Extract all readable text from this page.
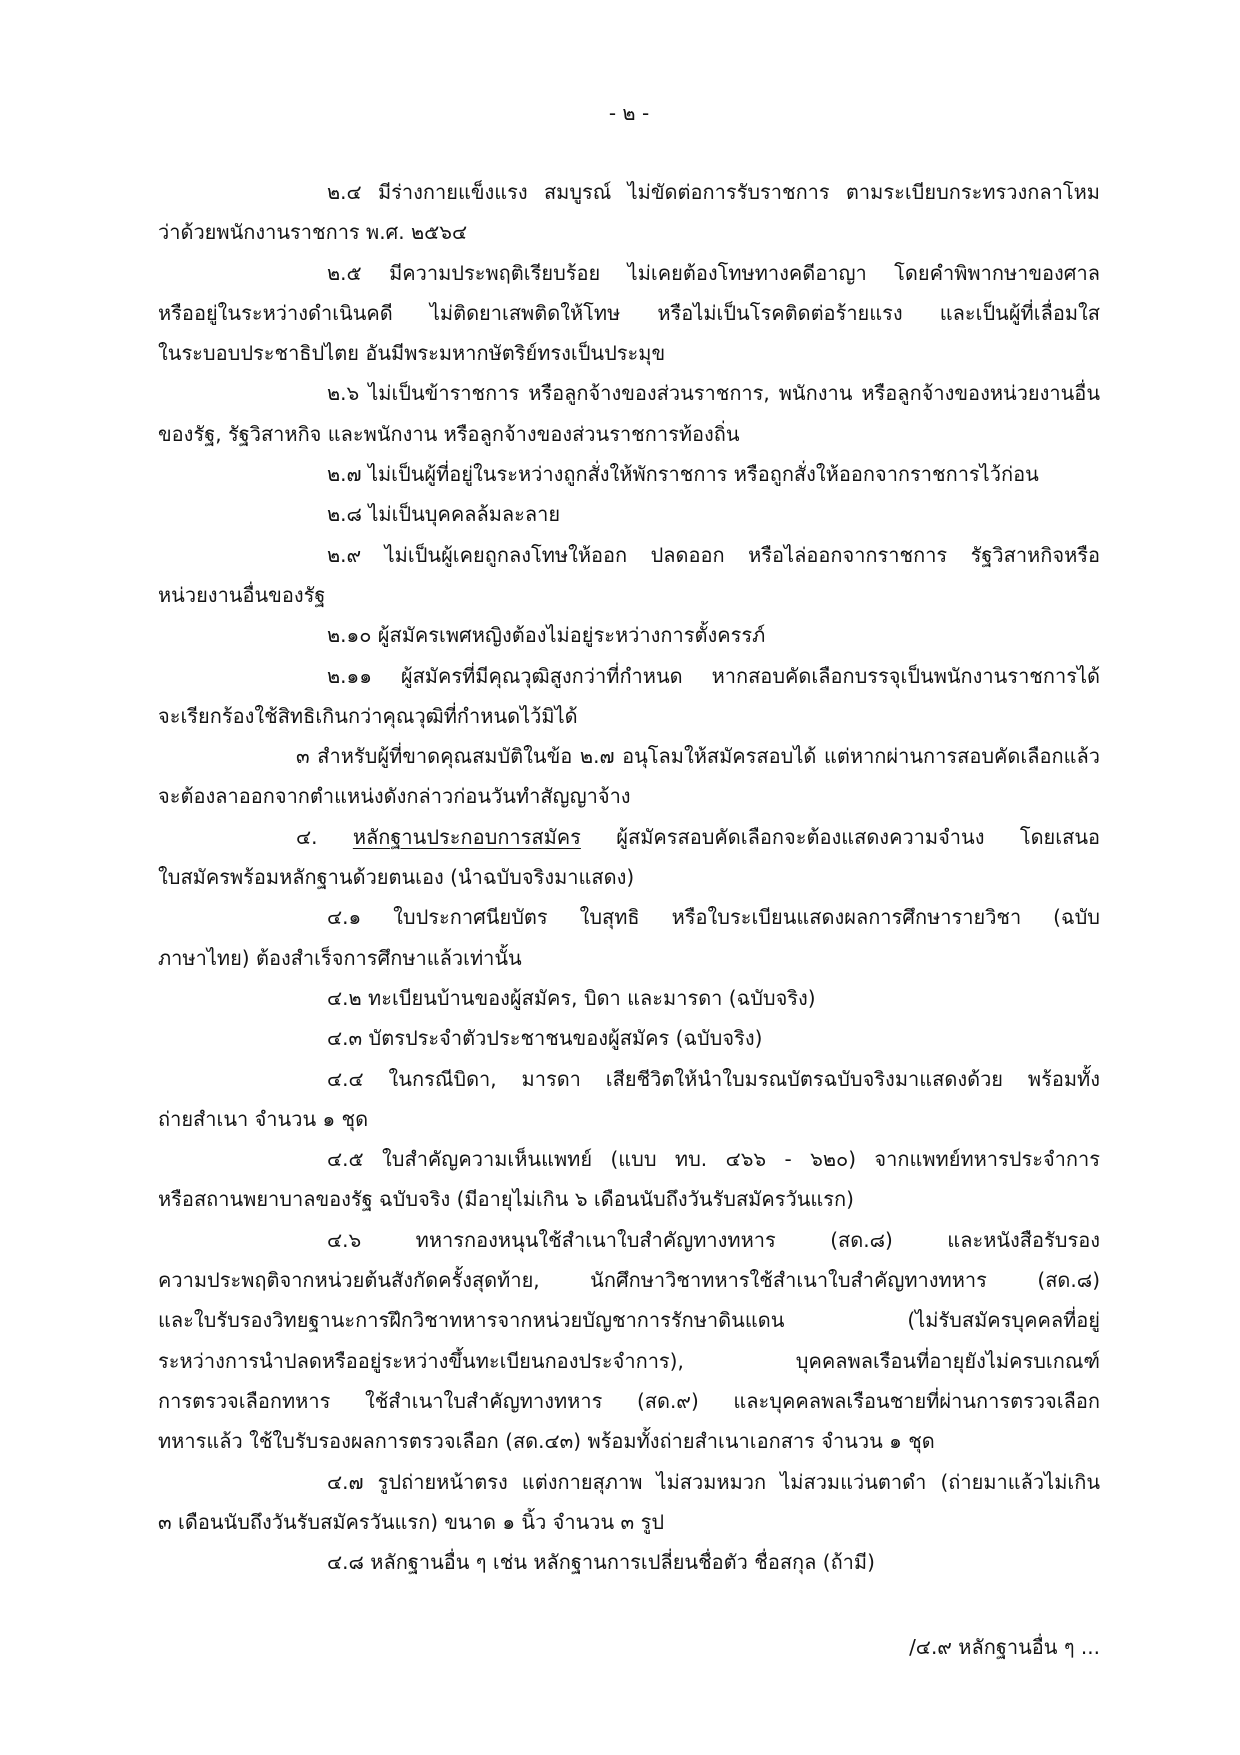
- ๒ -
๒.๔ มีร่างกายแข็งแรง สมบูรณ์ ไม่ขัดต่อการรับราชการ ตามระเบียบกระทรวงกลาโหม
ว่าด้วยพนักงานราชการ พ.ศ. ๒๕๖๔
๒.๕ มีความประพฤติเรียบร้อย ไม่เคยต้องโทษทางคดีอาญา โดยคำพิพากษาของศาล
หรืออยู่ในระหว่างดำเนินคดี ไม่ติดยาเสพติดให้โทษ หรือไม่เป็นโรคติดต่อร้ายแรง และเป็นผู้ที่เลื่อมใส
ในระบอบประชาธิปไตย อันมีพระมหากษัตริย์ทรงเป็นประมุข
๒.๖ ไม่เป็นข้าราชการ หรือลูกจ้างของส่วนราชการ, พนักงาน หรือลูกจ้างของหน่วยงานอื่น
ของรัฐ, รัฐวิสาหกิจ และพนักงาน หรือลูกจ้างของส่วนราชการท้องถิ่น
๒.๗ ไม่เป็นผู้ที่อยู่ในระหว่างถูกสั่งให้พักราชการ หรือถูกสั่งให้ออกจากราชการไว้ก่อน
๒.๘ ไม่เป็นบุคคลล้มละลาย
๒.๙ ไม่เป็นผู้เคยถูกลงโทษให้ออก ปลดออก หรือไล่ออกจากราชการ รัฐวิสาหกิจหรือ
หน่วยงานอื่นของรัฐ
๒.๑๐ ผู้สมัครเพศหญิงต้องไม่อยู่ระหว่างการตั้งครรภ์
๒.๑๑ ผู้สมัครที่มีคุณวุฒิสูงกว่าที่กำหนด หากสอบคัดเลือกบรรจุเป็นพนักงานราชการได้
จะเรียกร้องใช้สิทธิเกินกว่าคุณวุฒิที่กำหนดไว้มิได้
๓ สำหรับผู้ที่ขาดคุณสมบัติในข้อ ๒.๗ อนุโลมให้สมัครสอบได้ แต่หากผ่านการสอบคัดเลือกแล้ว
จะต้องลาออกจากตำแหน่งดังกล่าวก่อนวันทำสัญญาจ้าง
๔. หลักฐานประกอบการสมัคร ผู้สมัครสอบคัดเลือกจะต้องแสดงความจำนง โดยเสนอ
ใบสมัครพร้อมหลักฐานด้วยตนเอง (นำฉบับจริงมาแสดง)
๔.๑ ใบประกาศนียบัตร ใบสุทธิ หรือใบระเบียนแสดงผลการศึกษารายวิชา (ฉบับ
ภาษาไทย) ต้องสำเร็จการศึกษาแล้วเท่านั้น
๔.๒ ทะเบียนบ้านของผู้สมัคร, บิดา และมารดา (ฉบับจริง)
๔.๓ บัตรประจำตัวประชาชนของผู้สมัคร (ฉบับจริง)
๔.๔ ในกรณีบิดา, มารดา เสียชีวิตให้นำใบมรณบัตรฉบับจริงมาแสดงด้วย พร้อมทั้ง
ถ่ายสำเนา จำนวน ๑ ชุด
๔.๕ ใบสำคัญความเห็นแพทย์ (แบบ ทบ. ๔๖๖ - ๖๒๐) จากแพทย์ทหารประจำการ
หรือสถานพยาบาลของรัฐ ฉบับจริง (มีอายุไม่เกิน ๖ เดือนนับถึงวันรับสมัครวันแรก)
๔.๖ ทหารกองหนุนใช้สำเนาใบสำคัญทางทหาร (สด.๘) และหนังสือรับรอง
ความประพฤติจากหน่วยต้นสังกัดครั้งสุดท้าย, นักศึกษาวิชาทหารใช้สำเนาใบสำคัญทางทหาร (สด.๘)
และใบรับรองวิทยฐานะการฝึกวิชาทหารจากหน่วยบัญชาการรักษาดินแดน (ไม่รับสมัครบุคคลที่อยู่
ระหว่างการนำปลดหรืออยู่ระหว่างขึ้นทะเบียนกองประจำการ), บุคคลพลเรือนที่อายุยังไม่ครบเกณฑ์
การตรวจเลือกทหาร ใช้สำเนาใบสำคัญทางทหาร (สด.๙) และบุคคลพลเรือนชายที่ผ่านการตรวจเลือก
ทหารแล้ว ใช้ใบรับรองผลการตรวจเลือก (สด.๔๓) พร้อมทั้งถ่ายสำเนาเอกสาร จำนวน ๑ ชุด
๔.๗ รูปถ่ายหน้าตรง แต่งกายสุภาพ ไม่สวมหมวก ไม่สวมแว่นตาดำ (ถ่ายมาแล้วไม่เกิน
๓ เดือนนับถึงวันรับสมัครวันแรก) ขนาด ๑ นิ้ว จำนวน ๓ รูป
๔.๘ หลักฐานอื่น ๆ เช่น หลักฐานการเปลี่ยนชื่อตัว ชื่อสกุล (ถ้ามี)
/๔.๙ หลักฐานอื่น ๆ ...
